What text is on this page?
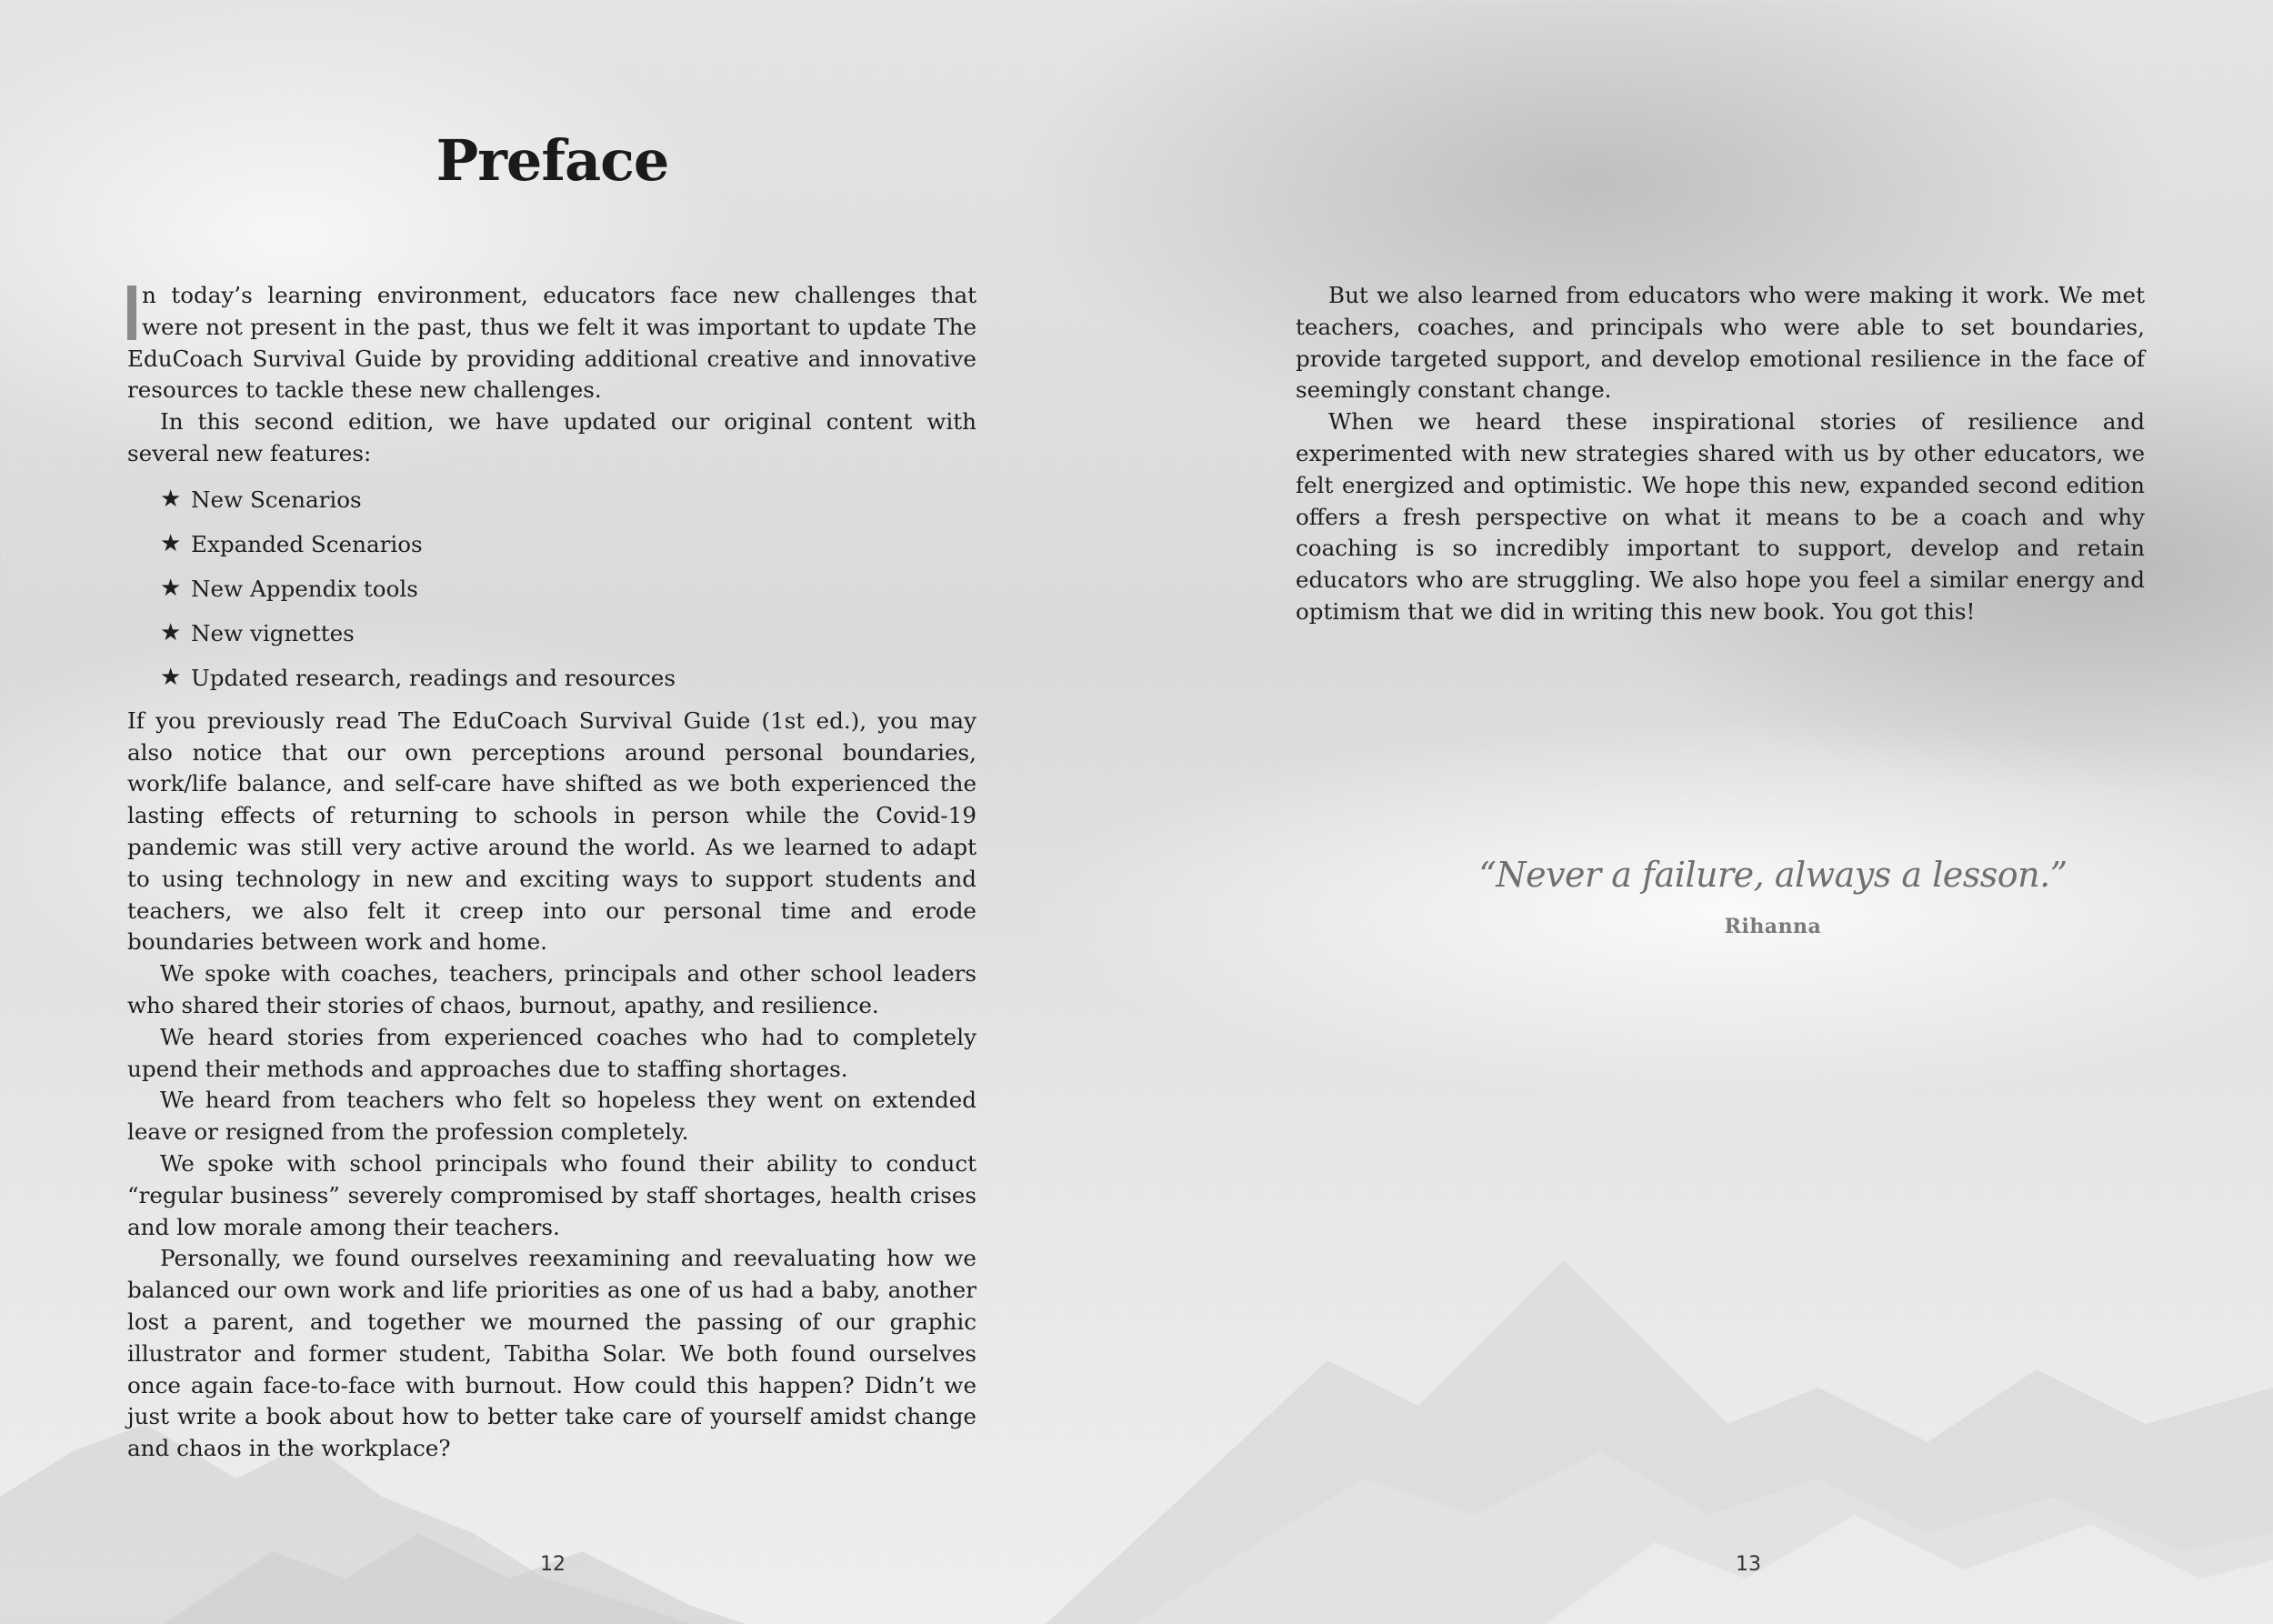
Preface

n today’s learning environment, educators face new challenges that were not present in the past, thus we felt it was important to update The EduCoach Survival Guide by providing additional creative and innovative resources to tackle these new challenges.

In this second edition, we have updated our original content with several new features:

★ New Scenarios
★ Expanded Scenarios
★ New Appendix tools
★ New vignettes
★ Updated research, readings and resources

If you previously read The EduCoach Survival Guide (1st ed.), you may also notice that our own perceptions around personal boundaries, work/life balance, and self-care have shifted as we both experienced the lasting effects of returning to schools in person while the Covid-19 pandemic was still very active around the world. As we learned to adapt to using technology in new and exciting ways to support students and teachers, we also felt it creep into our personal time and erode boundaries between work and home.

We spoke with coaches, teachers, principals and other school leaders who shared their stories of chaos, burnout, apathy, and resilience.

We heard stories from experienced coaches who had to completely upend their methods and approaches due to staffing shortages.

We heard from teachers who felt so hopeless they went on extended leave or resigned from the profession completely.

We spoke with school principals who found their ability to conduct “regular business” severely compromised by staff shortages, health crises and low morale among their teachers.

Personally, we found ourselves reexamining and reevaluating how we balanced our own work and life priorities as one of us had a baby, another lost a parent, and together we mourned the passing of our graphic illustrator and former student, Tabitha Solar. We both found ourselves once again face-to-face with burnout. How could this happen? Didn’t we just write a book about how to better take care of yourself amidst change and chaos in the workplace?

12

But we also learned from educators who were making it work. We met teachers, coaches, and principals who were able to set boundaries, provide targeted support, and develop emotional resilience in the face of seemingly constant change.

When we heard these inspirational stories of resilience and experimented with new strategies shared with us by other educators, we felt energized and optimistic. We hope this new, expanded second edition offers a fresh perspective on what it means to be a coach and why coaching is so incredibly important to support, develop and retain educators who are struggling. We also hope you feel a similar energy and optimism that we did in writing this new book. You got this!

“Never a failure, always a lesson.”
Rihanna
13
